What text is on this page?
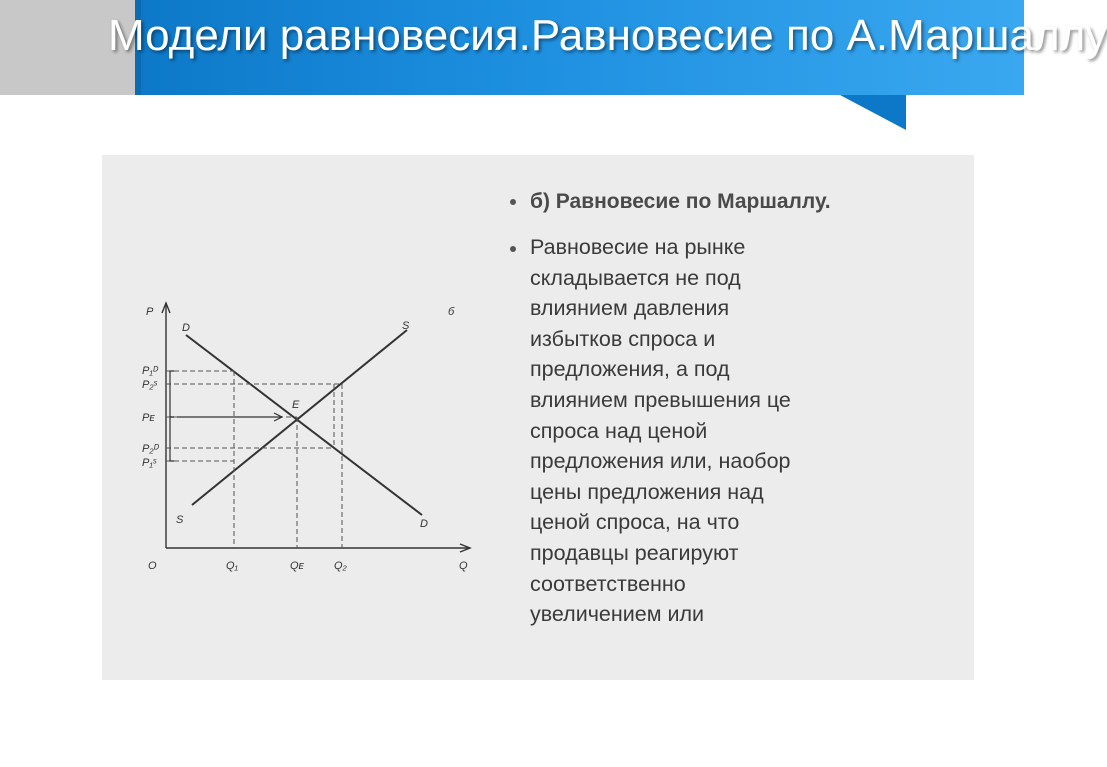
Модели равновесия.Равновесие по А.Маршаллу
P
Q
O
б
D	S
S	D
E
P₁ᴰ
P₂ˢ
Pᴇ
P₂ᴰ
P₁ˢ
Q₁	Qᴇ	Q₂

б) Равновесие по Маршаллу.

Равновесие на рынке

складывается не под

влиянием давления

избытков спроса и

предложения, а под

влиянием превышения це

спроса над ценой

предложения или, наобор

цены предложения над

ценой спроса, на что

продавцы реагируют

соответственно

увеличением или
